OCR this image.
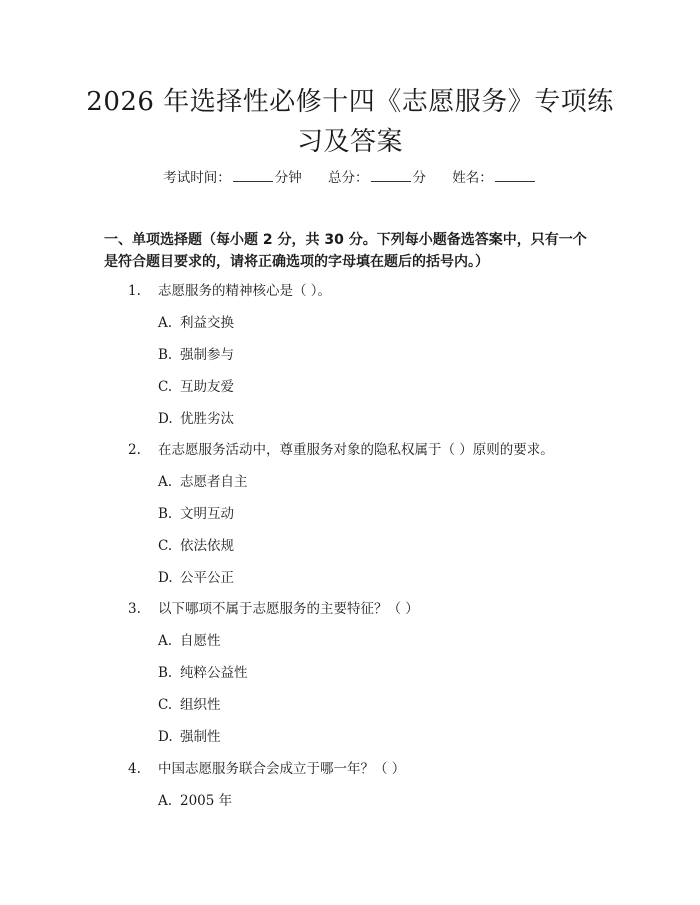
2026 年选择性必修十四《志愿服务》专项练
习及答案
考试时间：	分钟 总分：	分 姓名：
一、单项选择题（每小题 2 分，共 30 分。下列每小题备选答案中，只有一个是符合题目要求的，请将正确选项的字母填在题后的括号内。）
1. 志愿服务的精神核心是（ ）。
A. 利益交换
B. 强制参与
C. 互助友爱
D. 优胜劣汰
2. 在志愿服务活动中，尊重服务对象的隐私权属于（ ）原则的要求。
A. 志愿者自主
B. 文明互动
C. 依法依规
D. 公平公正
3. 以下哪项不属于志愿服务的主要特征？（ ）
A. 自愿性
B. 纯粹公益性
C. 组织性
D. 强制性
4. 中国志愿服务联合会成立于哪一年？（ ）
A. 2005 年
